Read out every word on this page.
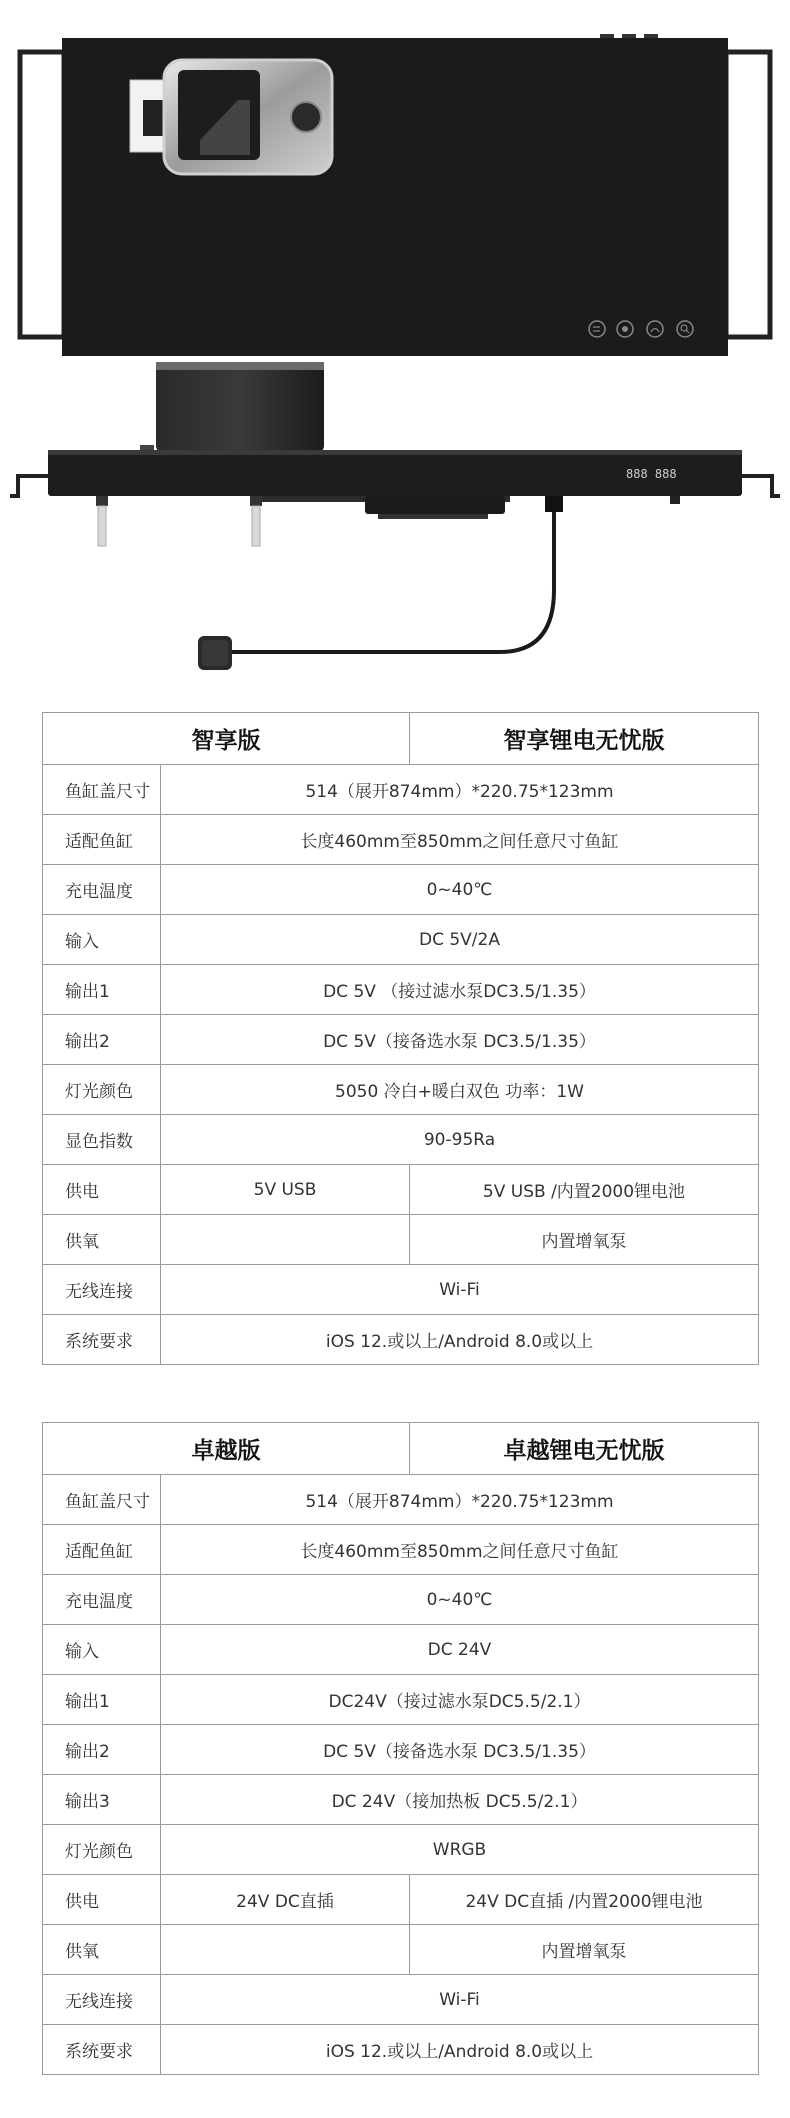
888 888
智享版		智享锂电无忧版
鱼缸盖尺寸	514（展开874mm）*220.75*123mm	
适配鱼缸	长度460mm至850mm之间任意尺寸鱼缸	
充电温度	0~40℃	
输入	DC 5V/2A	
输出1	DC 5V （接过滤水泵DC3.5/1.35）	
输出2	DC 5V（接备选水泵 DC3.5/1.35）	
灯光颜色	5050 冷白+暖白双色 功率：1W	
显色指数	90-95Ra	
供电	5V USB	5V USB /内置2000锂电池
供氧		内置增氧泵
无线连接	Wi-Fi	
系统要求	iOS 12.或以上/Android 8.0或以上	
卓越版		卓越锂电无忧版
鱼缸盖尺寸	514（展开874mm）*220.75*123mm	
适配鱼缸	长度460mm至850mm之间任意尺寸鱼缸	
充电温度	0~40℃	
输入	DC 24V	
输出1	DC24V（接过滤水泵DC5.5/2.1）	
输出2	DC 5V（接备选水泵 DC3.5/1.35）	
输出3	DC 24V（接加热板 DC5.5/2.1）	
灯光颜色	WRGB	
供电	24V DC直插	24V DC直插 /内置2000锂电池
供氧		内置增氧泵
无线连接	Wi-Fi	
系统要求	iOS 12.或以上/Android 8.0或以上	
